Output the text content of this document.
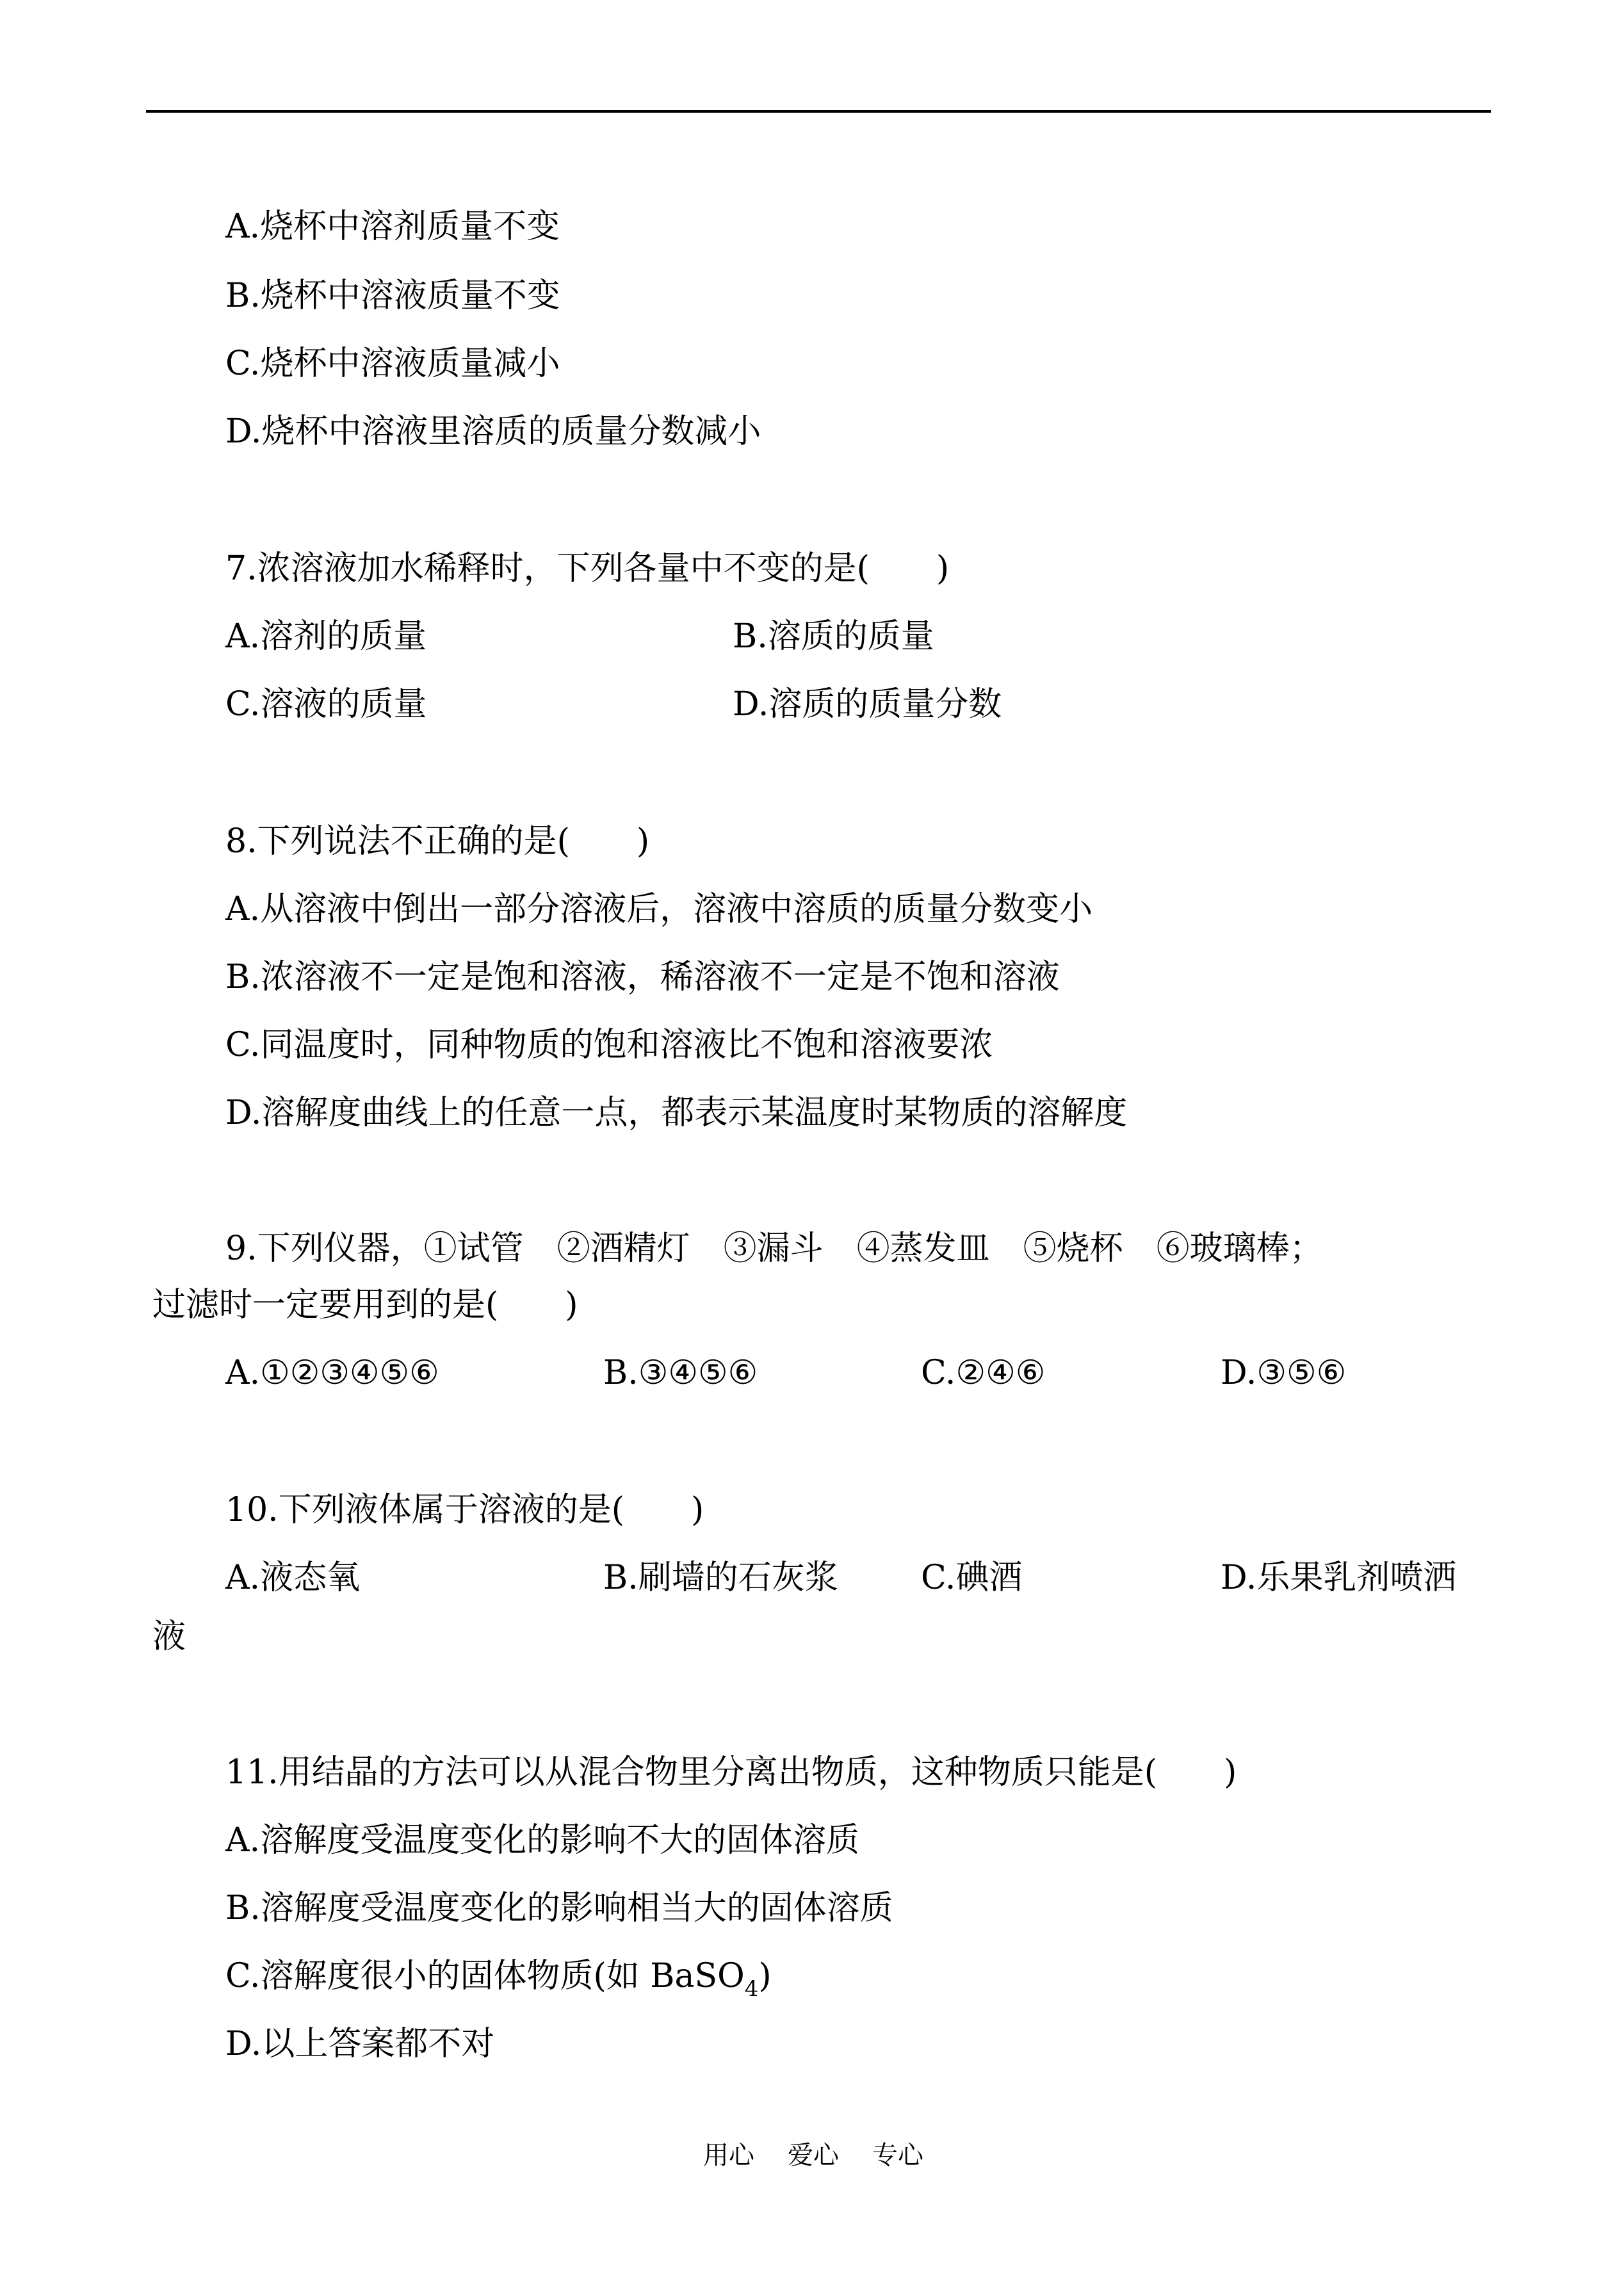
A.烧杯中溶剂质量不变
B.烧杯中溶液质量不变
C.烧杯中溶液质量减小
D.烧杯中溶液里溶质的质量分数减小
7.浓溶液加水稀释时，下列各量中不变的是(　　)
A.溶剂的质量	B.溶质的质量
C.溶液的质量	D.溶质的质量分数
8.下列说法不正确的是(　　)
A.从溶液中倒出一部分溶液后，溶液中溶质的质量分数变小
B.浓溶液不一定是饱和溶液，稀溶液不一定是不饱和溶液
C.同温度时，同种物质的饱和溶液比不饱和溶液要浓
D.溶解度曲线上的任意一点，都表示某温度时某物质的溶解度
9.下列仪器，①试管　②酒精灯　③漏斗　④蒸发皿　⑤烧杯　⑥玻璃棒；
过滤时一定要用到的是(　　)
A.①②③④⑤⑥	B.③④⑤⑥	C.②④⑥	D.③⑤⑥
10.下列液体属于溶液的是(　　)
A.液态氧	B.刷墙的石灰浆 C.碘酒	D.乐果乳剂喷洒
液
11.用结晶的方法可以从混合物里分离出物质，这种物质只能是(　　)
A.溶解度受温度变化的影响不大的固体溶质
B.溶解度受温度变化的影响相当大的固体溶质
C.溶解度很小的固体物质(如 BaSO$_4$)
D.以上答案都不对
用心 爱心 专心
